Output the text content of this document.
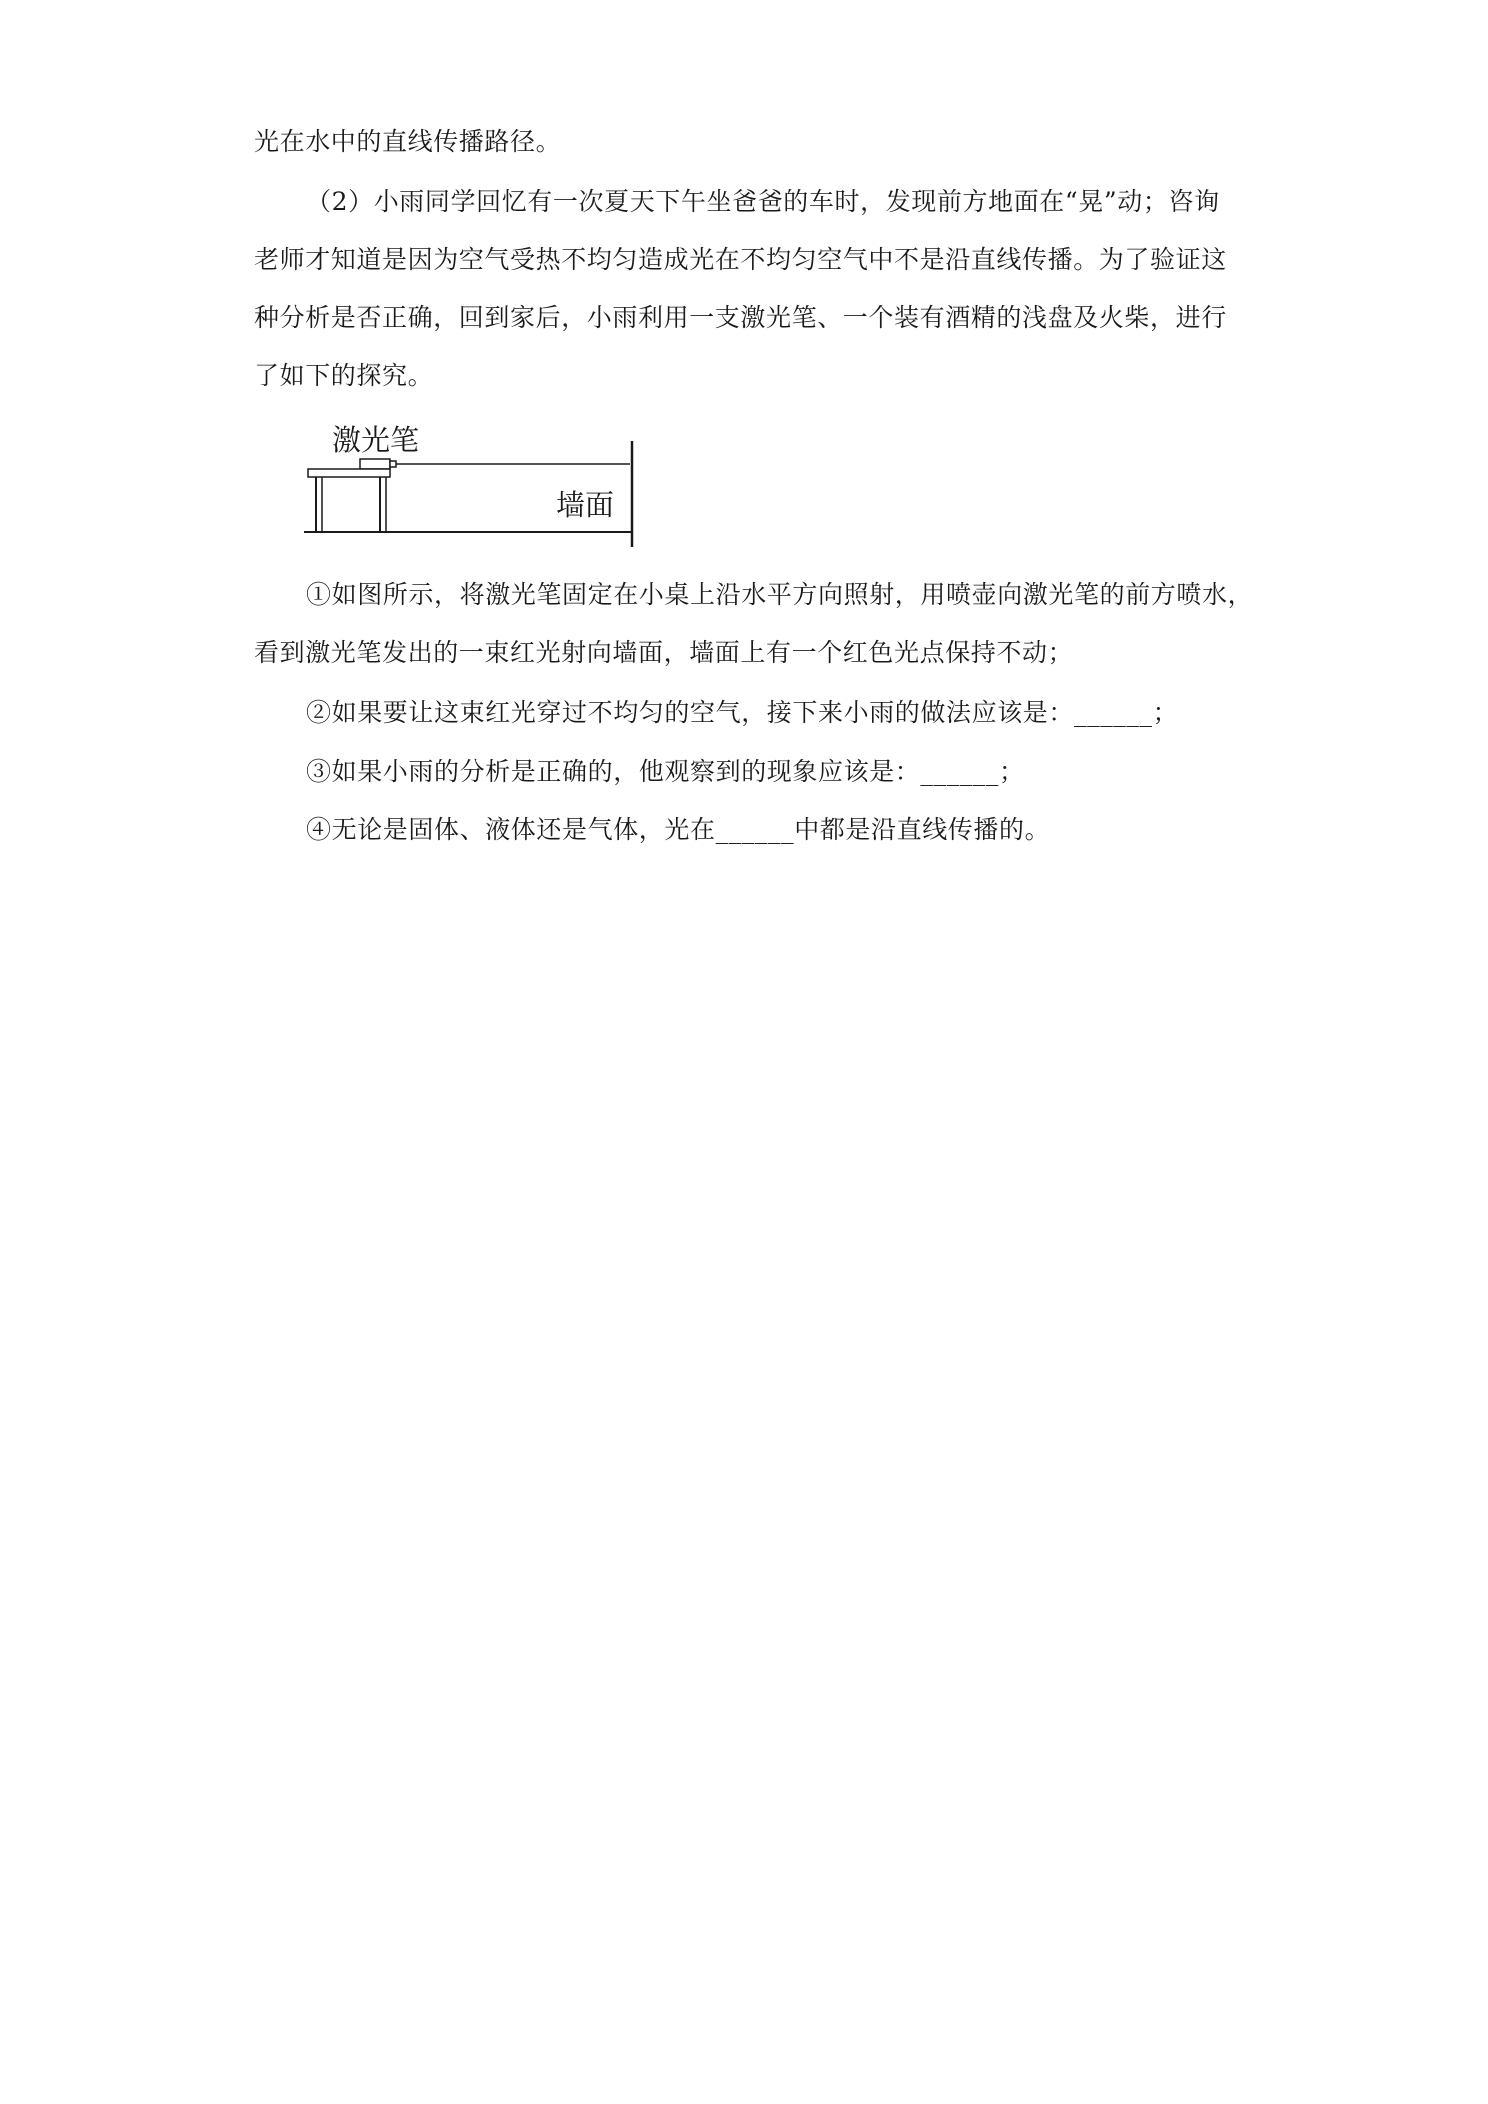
光在水中的直线传播路径。
（2）小雨同学回忆有一次夏天下午坐爸爸的车时，发现前方地面在“晃”动；咨询
老师才知道是因为空气受热不均匀造成光在不均匀空气中不是沿直线传播。为了验证这
种分析是否正确，回到家后，小雨利用一支激光笔、一个装有酒精的浅盘及火柴，进行
了如下的探究。
激光笔
墙面
①如图所示，将激光笔固定在小桌上沿水平方向照射，用喷壶向激光笔的前方喷水，
看到激光笔发出的一束红光射向墙面，墙面上有一个红色光点保持不动；
②如果要让这束红光穿过不均匀的空气，接下来小雨的做法应该是：______；
③如果小雨的分析是正确的，他观察到的现象应该是：______；
④无论是固体、液体还是气体，光在______中都是沿直线传播的。
